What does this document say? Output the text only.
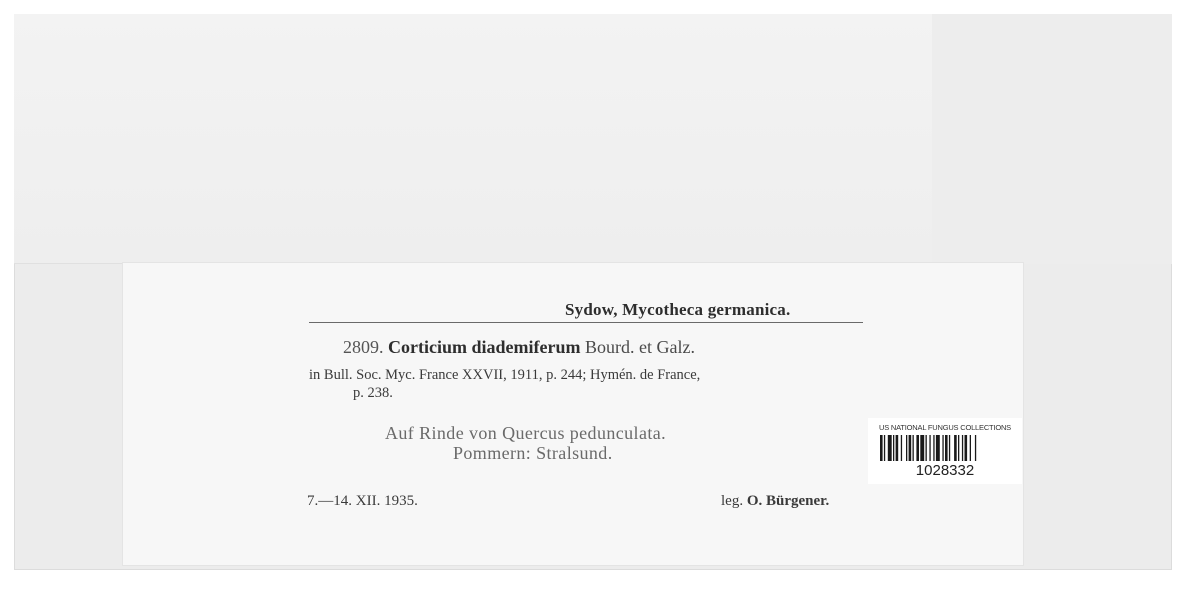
Sydow, Mycotheca germanica.
2809. Corticium diademiferum Bourd. et Galz.
in Bull. Soc. Myc. France XXVII, 1911, p. 244; Hymén. de France,
p. 238.
Auf Rinde von Quercus pedunculata.
Pommern: Stralsund.
7.—14. XII. 1935.	leg. O. Bürgener.
US NATIONAL FUNGUS COLLECTIONS
1028332
